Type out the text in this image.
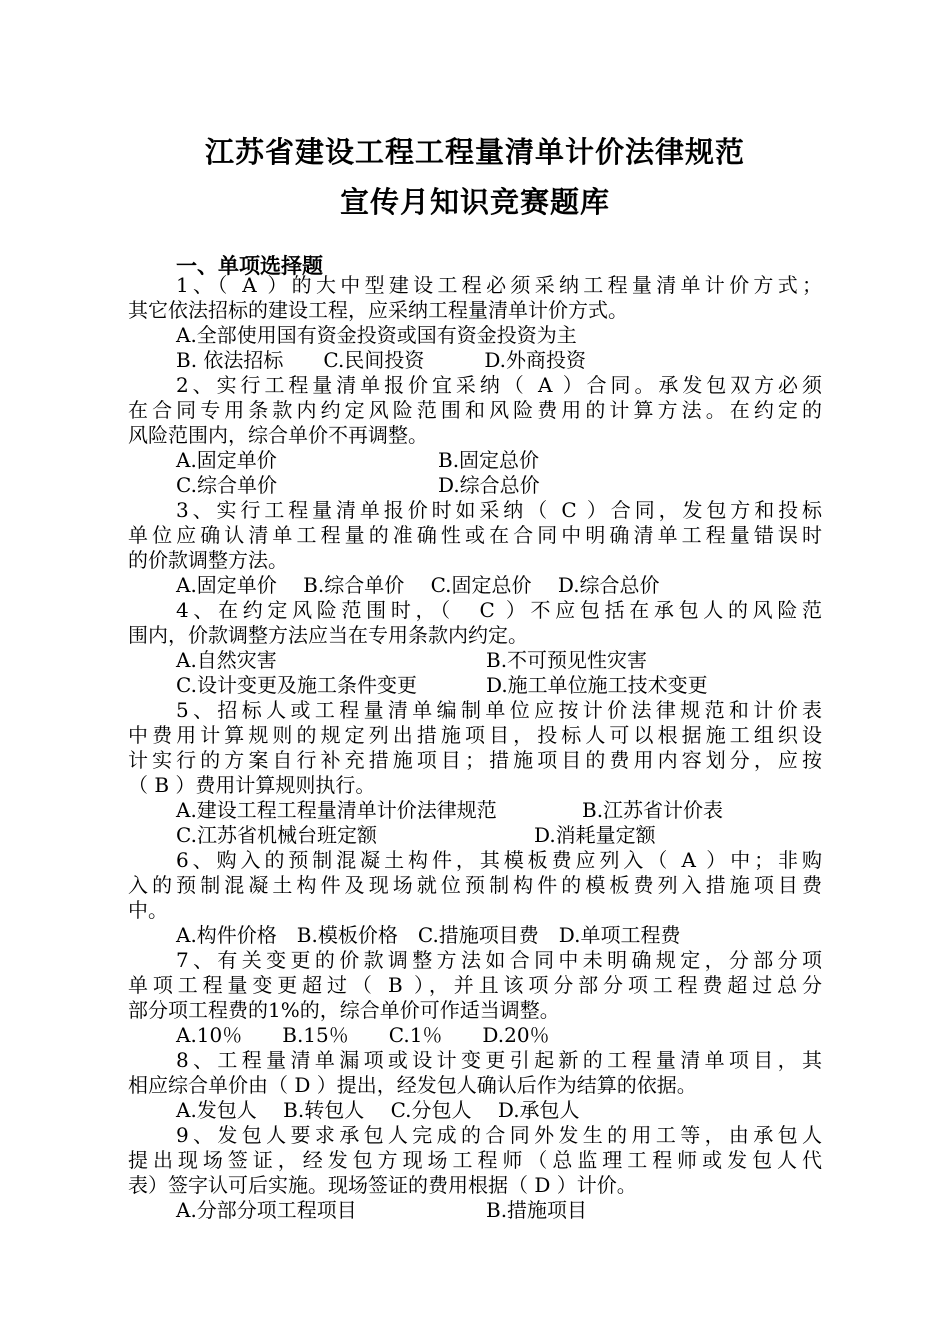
江苏省建设工程工程量清单计价法律规范
宣传月知识竞赛题库
一、单项选择题
1、（ A ）的大中型建设工程必须采纳工程量清单计价方式；
其它依法招标的建设工程，应采纳工程量清单计价方式。
A.全部使用国有资金投资或国有资金投资为主
B. 依法招标　　C.民间投资　　　D.外商投资
2、实行工程量清单报价宜采纳（ A ）合同。承发包双方必须
在合同专用条款内约定风险范围和风险费用的计算方法。在约定的
风险范围内，综合单价不再调整。
A.固定单价	B.固定总价
C.综合单价	D.综合总价
3、实行工程量清单报价时如采纳（ C ）合同，发包方和投标
单位应确认清单工程量的准确性或在合同中明确清单工程量错误时
的价款调整方法。
A.固定单价　 B.综合单价　 C.固定总价　 D.综合总价
4、在约定风险范围时，（　C ）不应包括在承包人的风险范
围内，价款调整方法应当在专用条款内约定。
A.自然灾害	B.不可预见性灾害
C.设计变更及施工条件变更	D.施工单位施工技术变更
5、招标人或工程量清单编制单位应按计价法律规范和计价表
中费用计算规则的规定列出措施项目，投标人可以根据施工组织设
计实行的方案自行补充措施项目；措施项目的费用内容划分，应按
（ B ）费用计算规则执行。
A.建设工程工程量清单计价法律规范	B.江苏省计价表
C.江苏省机械台班定额	D.消耗量定额
6、购入的预制混凝土构件，其模板费应列入（ A ）中；非购
入的预制混凝土构件及现场就位预制构件的模板费列入措施项目费
中。
A.构件价格　B.模板价格　C.措施项目费　D.单项工程费
7、有关变更的价款调整方法如合同中未明确规定，分部分项
单项工程量变更超过（ B ），并且该项分部分项工程费超过总分
部分项工程费的1%的，综合单价可作适当调整。
A.10％　　B.15％　　C.1％　　D.20％
8、工程量清单漏项或设计变更引起新的工程量清单项目，其
相应综合单价由（ D ）提出，经发包人确认后作为结算的依据。
A.发包人　 B.转包人　 C.分包人　 D.承包人
9、发包人要求承包人完成的合同外发生的用工等，由承包人
提出现场签证，经发包方现场工程师（总监理工程师或发包人代
表）签字认可后实施。现场签证的费用根据（ D ）计价。
A.分部分项工程项目	B.措施项目
